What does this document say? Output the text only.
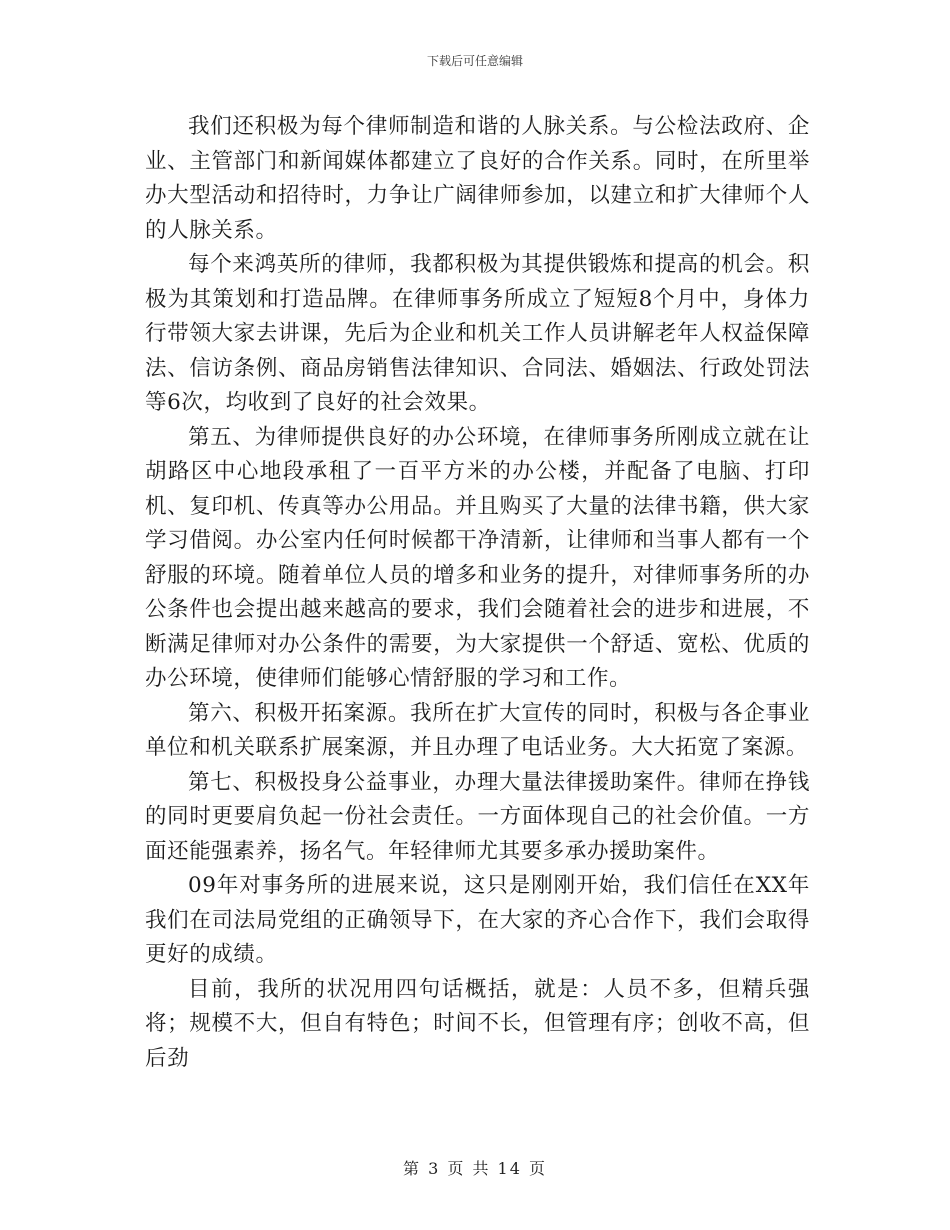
下载后可任意编辑

我们还积极为每个律师制造和谐的人脉关系。与公检法政府、企业、主管部门和新闻媒体都建立了良好的合作关系。同时，在所里举办大型活动和招待时，力争让广阔律师参加，以建立和扩大律师个人的人脉关系。

每个来鸿英所的律师，我都积极为其提供锻炼和提高的机会。积极为其策划和打造品牌。在律师事务所成立了短短8个月中，身体力行带领大家去讲课，先后为企业和机关工作人员讲解老年人权益保障法、信访条例、商品房销售法律知识、合同法、婚姻法、行政处罚法等6次，均收到了良好的社会效果。

第五、为律师提供良好的办公环境，在律师事务所刚成立就在让胡路区中心地段承租了一百平方米的办公楼，并配备了电脑、打印机、复印机、传真等办公用品。并且购买了大量的法律书籍，供大家学习借阅。办公室内任何时候都干净清新，让律师和当事人都有一个舒服的环境。随着单位人员的增多和业务的提升，对律师事务所的办公条件也会提出越来越高的要求，我们会随着社会的进步和进展，不断满足律师对办公条件的需要，为大家提供一个舒适、宽松、优质的办公环境，使律师们能够心情舒服的学习和工作。

第六、积极开拓案源。我所在扩大宣传的同时，积极与各企事业单位和机关联系扩展案源，并且办理了电话业务。大大拓宽了案源。

第七、积极投身公益事业，办理大量法律援助案件。律师在挣钱的同时更要肩负起一份社会责任。一方面体现自己的社会价值。一方面还能强素养，扬名气。年轻律师尤其要多承办援助案件。

09年对事务所的进展来说，这只是刚刚开始，我们信任在XX年我们在司法局党组的正确领导下，在大家的齐心合作下，我们会取得更好的成绩。

目前，我所的状况用四句话概括，就是：人员不多，但精兵强将；规模不大，但自有特色；时间不长，但管理有序；创收不高，但后劲

第 3 页 共 14 页
